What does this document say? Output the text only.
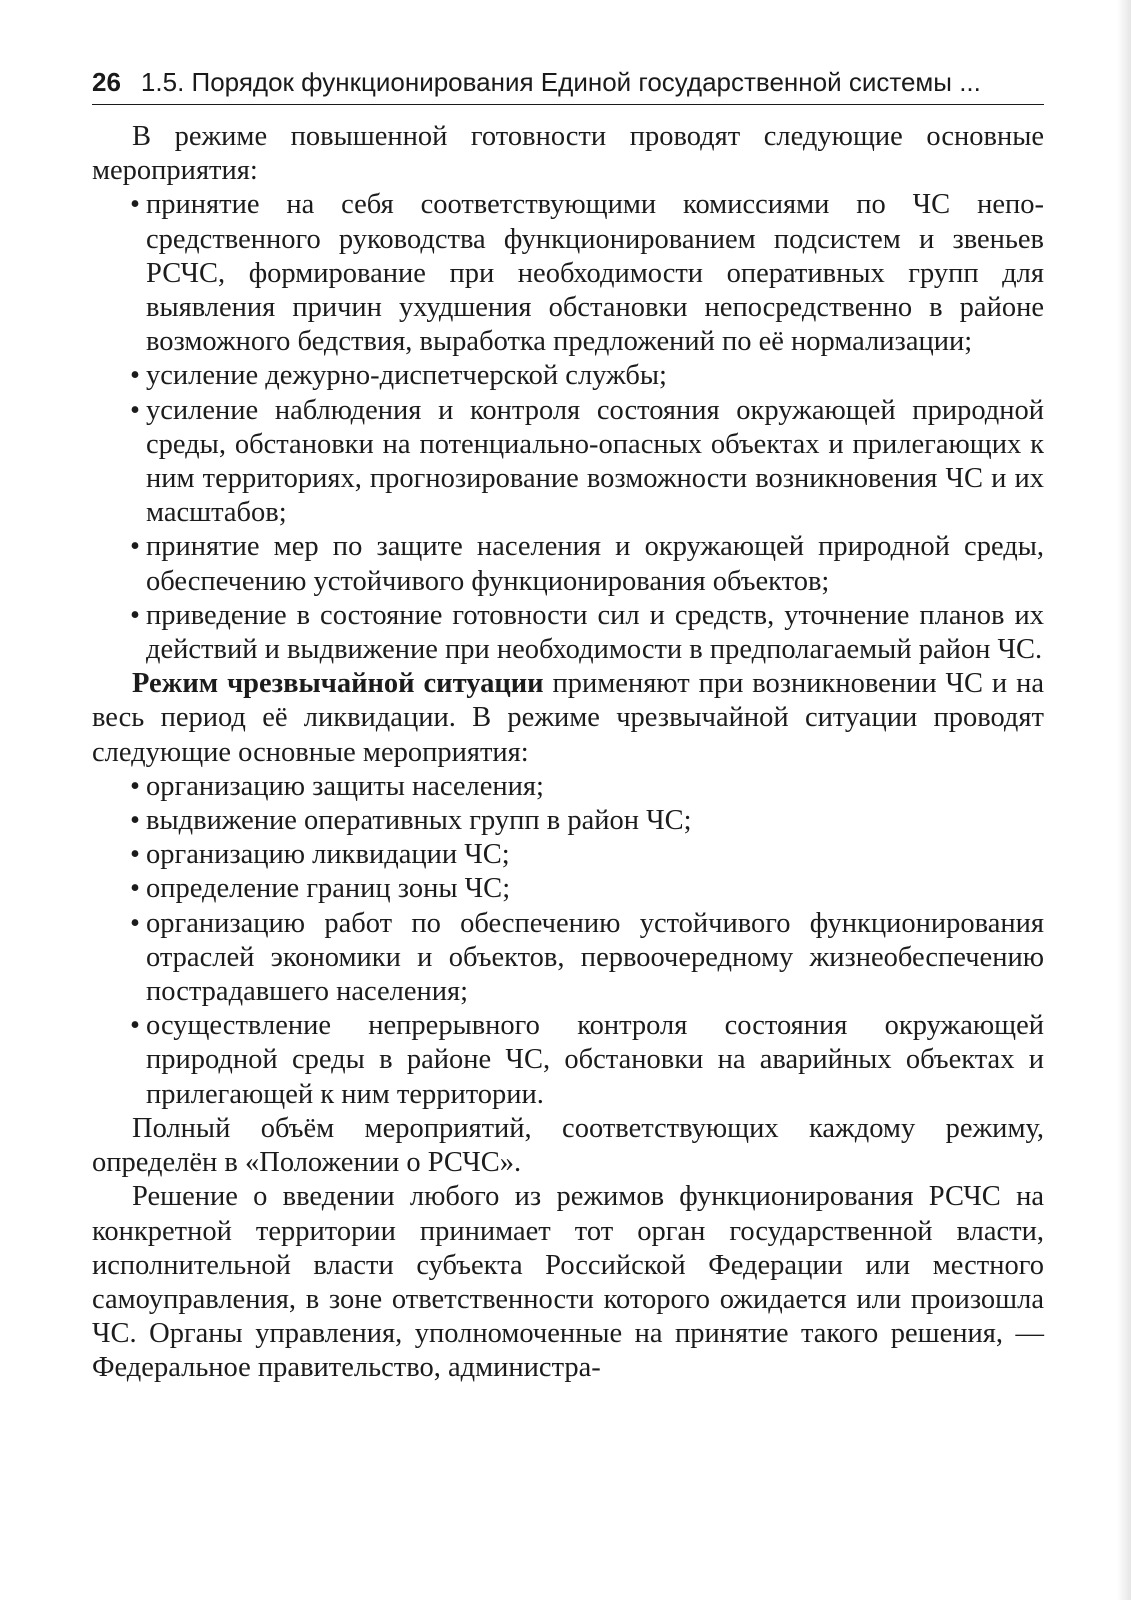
26 1.5. Порядок функционирования Единой государственной системы ...

В режиме повышенной готовности проводят следующие основные мероприятия:

• принятие на себя соответствующими комиссиями по ЧС непосредственного руководства функционированием подсистем и звеньев РСЧС, формирование при необходимости оперативных групп для выявления причин ухудшения обстановки непосредственно в районе возможного бедствия, выработка предложений по её нормализации;
• усиление дежурно-диспетчерской службы;
• усиление наблюдения и контроля состояния окружающей природной среды, обстановки на потенциально-опасных объектах и прилегающих к ним территориях, прогнозирование возможности возникновения ЧС и их масштабов;
• принятие мер по защите населения и окружающей природной среды, обеспечению устойчивого функционирования объектов;
• приведение в состояние готовности сил и средств, уточнение планов их действий и выдвижение при необходимости в предполагаемый район ЧС.

Режим чрезвычайной ситуации применяют при возникновении ЧС и на весь период её ликвидации. В режиме чрезвычайной ситуации проводят следующие основные мероприятия:

• организацию защиты населения;
• выдвижение оперативных групп в район ЧС;
• организацию ликвидации ЧС;
• определение границ зоны ЧС;
• организацию работ по обеспечению устойчивого функционирования отраслей экономики и объектов, первоочередному жизнеобеспечению пострадавшего населения;
• осуществление непрерывного контроля состояния окружающей природной среды в районе ЧС, обстановки на аварийных объектах и прилегающей к ним территории.

Полный объём мероприятий, соответствующих каждому режиму, определён в «Положении о РСЧС».

Решение о введении любого из режимов функционирования РСЧС на конкретной территории принимает тот орган государственной власти, исполнительной власти субъекта Российской Федерации или местного самоуправления, в зоне ответственности которого ожидается или произошла ЧС. Органы управления, уполномоченные на принятие такого решения, — Федеральное правительство, администра-
